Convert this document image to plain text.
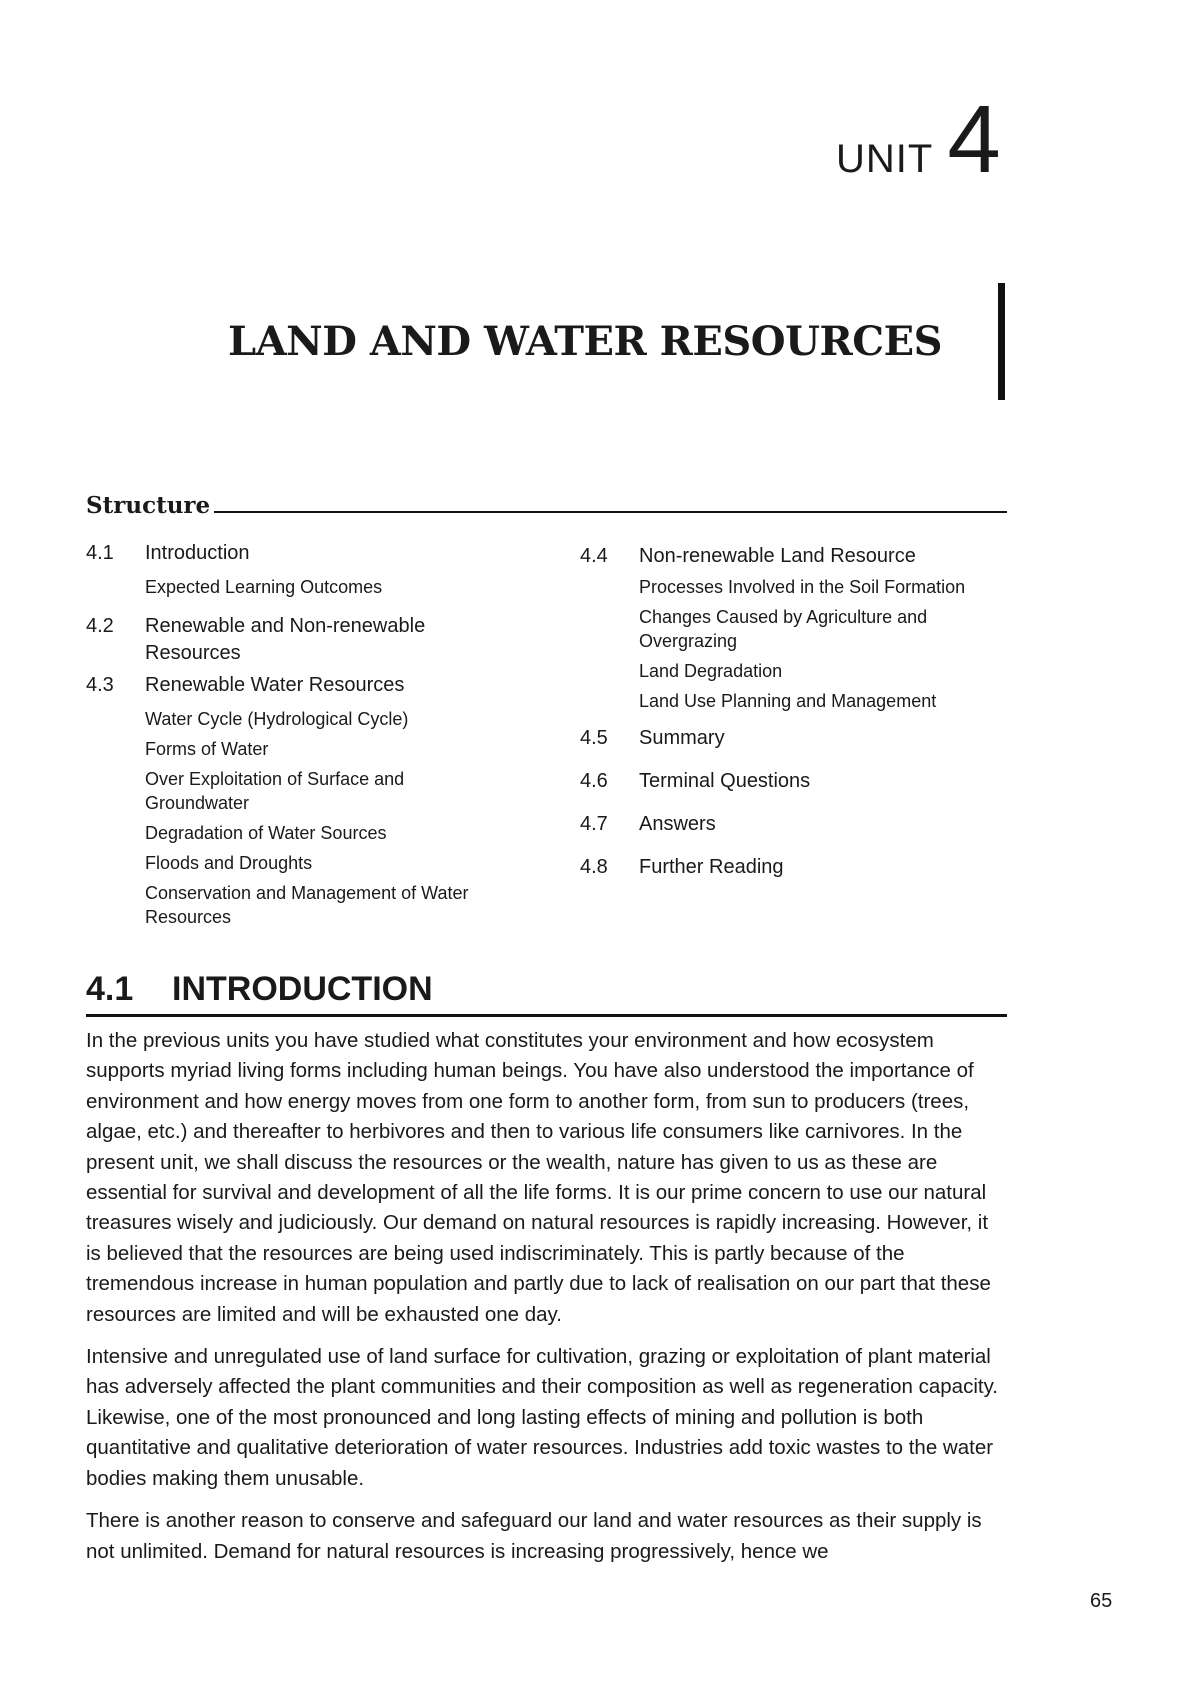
UNIT 4
LAND AND WATER RESOURCES
Structure
4.1	Introduction
Expected Learning Outcomes
4.2	Renewable and Non-renewable Resources
4.3	Renewable Water Resources
Water Cycle (Hydrological Cycle)
Forms of Water
Over Exploitation of Surface and Groundwater
Degradation of Water Sources
Floods and Droughts
Conservation and Management of Water Resources
4.4	Non-renewable Land Resource
Processes Involved in the Soil Formation
Changes Caused by Agriculture and Overgrazing
Land Degradation
Land Use Planning and Management
4.5	Summary
4.6	Terminal Questions
4.7	Answers
4.8	Further Reading
4.1 INTRODUCTION

In the previous units you have studied what constitutes your environment and how ecosystem supports myriad living forms including human beings. You have also understood the importance of environment and how energy moves from one form to another form, from sun to producers (trees, algae, etc.) and thereafter to herbivores and then to various life consumers like carnivores. In the present unit, we shall discuss the resources or the wealth, nature has given to us as these are essential for survival and development of all the life forms. It is our prime concern to use our natural treasures wisely and judiciously. Our demand on natural resources is rapidly increasing. However, it is believed that the resources are being used indiscriminately. This is partly because of the tremendous increase in human population and partly due to lack of realisation on our part that these resources are limited and will be exhausted one day.

Intensive and unregulated use of land surface for cultivation, grazing or exploitation of plant material has adversely affected the plant communities and their composition as well as regeneration capacity. Likewise, one of the most pronounced and long lasting effects of mining and pollution is both quantitative and qualitative deterioration of water resources. Industries add toxic wastes to the water bodies making them unusable.

There is another reason to conserve and safeguard our land and water resources as their supply is not unlimited. Demand for natural resources is increasing progressively, hence we

65
